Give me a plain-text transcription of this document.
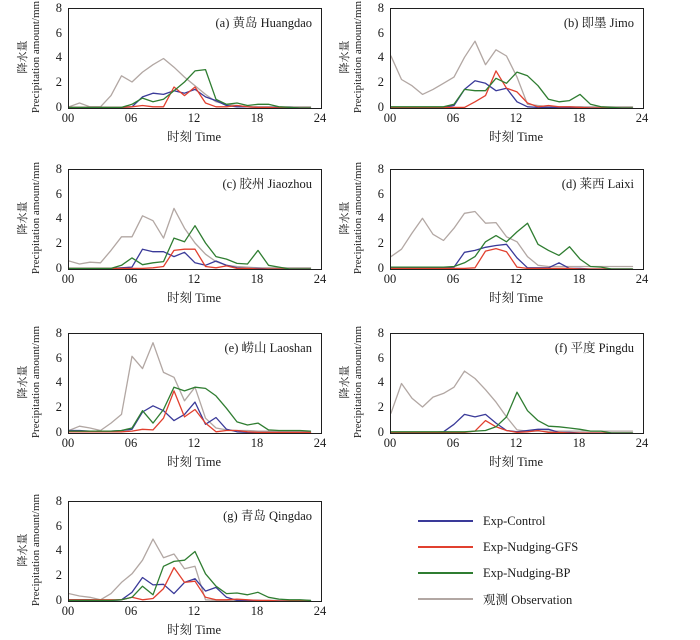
降水量 Precipitation amount/mm	8
6
4
2
0
(a) 黄岛 Huangdao
00	06	12	18	24
时刻 Time
降水量 Precipitation amount/mm	8
6
4
2
0
(b) 即墨 Jimo
00	06	12	18	24
时刻 Time
降水量 Precipitation amount/mm	8
6
4
2
0
(c) 胶州 Jiaozhou
00	06	12	18	24
时刻 Time
降水量 Precipitation amount/mm	8
6
4
2
0
(d) 莱西 Laixi
00	06	12	18	24
时刻 Time
降水量 Precipitation amount/mm	8
6
4
2
0
(e) 崂山 Laoshan
00	06	12	18	24
时刻 Time
降水量 Precipitation amount/mm	8
6
4
2
0
(f) 平度 Pingdu
00	06	12	18	24
时刻 Time
降水量 Precipitation amount/mm	8
6
4
2
0
(g) 青岛 Qingdao
00	06	12	18	24
时刻 Time
Exp-Control
Exp-Nudging-GFS
Exp-Nudging-BP
观测 Observation
